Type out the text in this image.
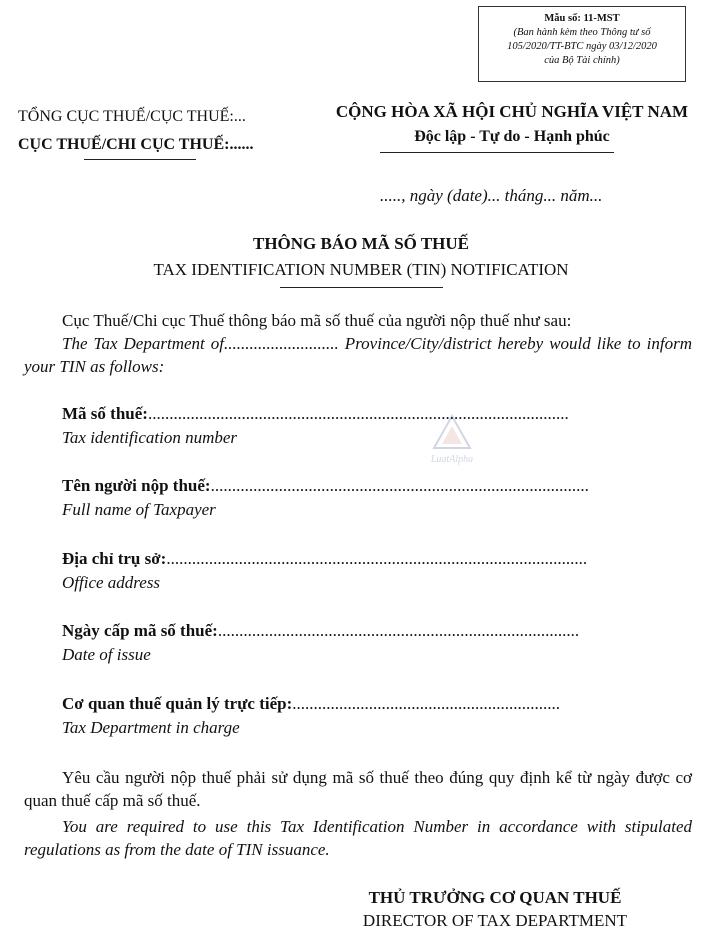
Mẫu số: 11-MST
(Ban hành kèm theo Thông tư số
105/2020/TT-BTC ngày 03/12/2020
của Bộ Tài chính)
TỔNG CỤC THUẾ/CỤC THUẾ:...
CỤC THUẾ/CHI CỤC THUẾ:......
CỘNG HÒA XÃ HỘI CHỦ NGHĨA VIỆT NAM
Độc lập - Tự do - Hạnh phúc
....., ngày (date)... tháng... năm...
THÔNG BÁO MÃ SỐ THUẾ
TAX IDENTIFICATION NUMBER (TIN) NOTIFICATION
Cục Thuế/Chi cục Thuế thông báo mã số thuế của người nộp thuế như sau:
The Tax Department of........................... Province/City/district hereby would like to inform your TIN as follows:
LuatAlpha
Mã số thuế:...................................................................................................
Tax identification number
Tên người nộp thuế:.........................................................................................
Full name of Taxpayer
Địa chỉ trụ sở:...................................................................................................
Office address
Ngày cấp mã số thuế:.....................................................................................
Date of issue
Cơ quan thuế quản lý trực tiếp:...............................................................
Tax Department in charge
Yêu cầu người nộp thuế phải sử dụng mã số thuế theo đúng quy định kể từ ngày được cơ quan thuế cấp mã số thuế.
You are required to use this Tax Identification Number in accordance with stipulated regulations as from the date of TIN issuance.
THỦ TRƯỞNG CƠ QUAN THUẾ
DIRECTOR OF TAX DEPARTMENT
